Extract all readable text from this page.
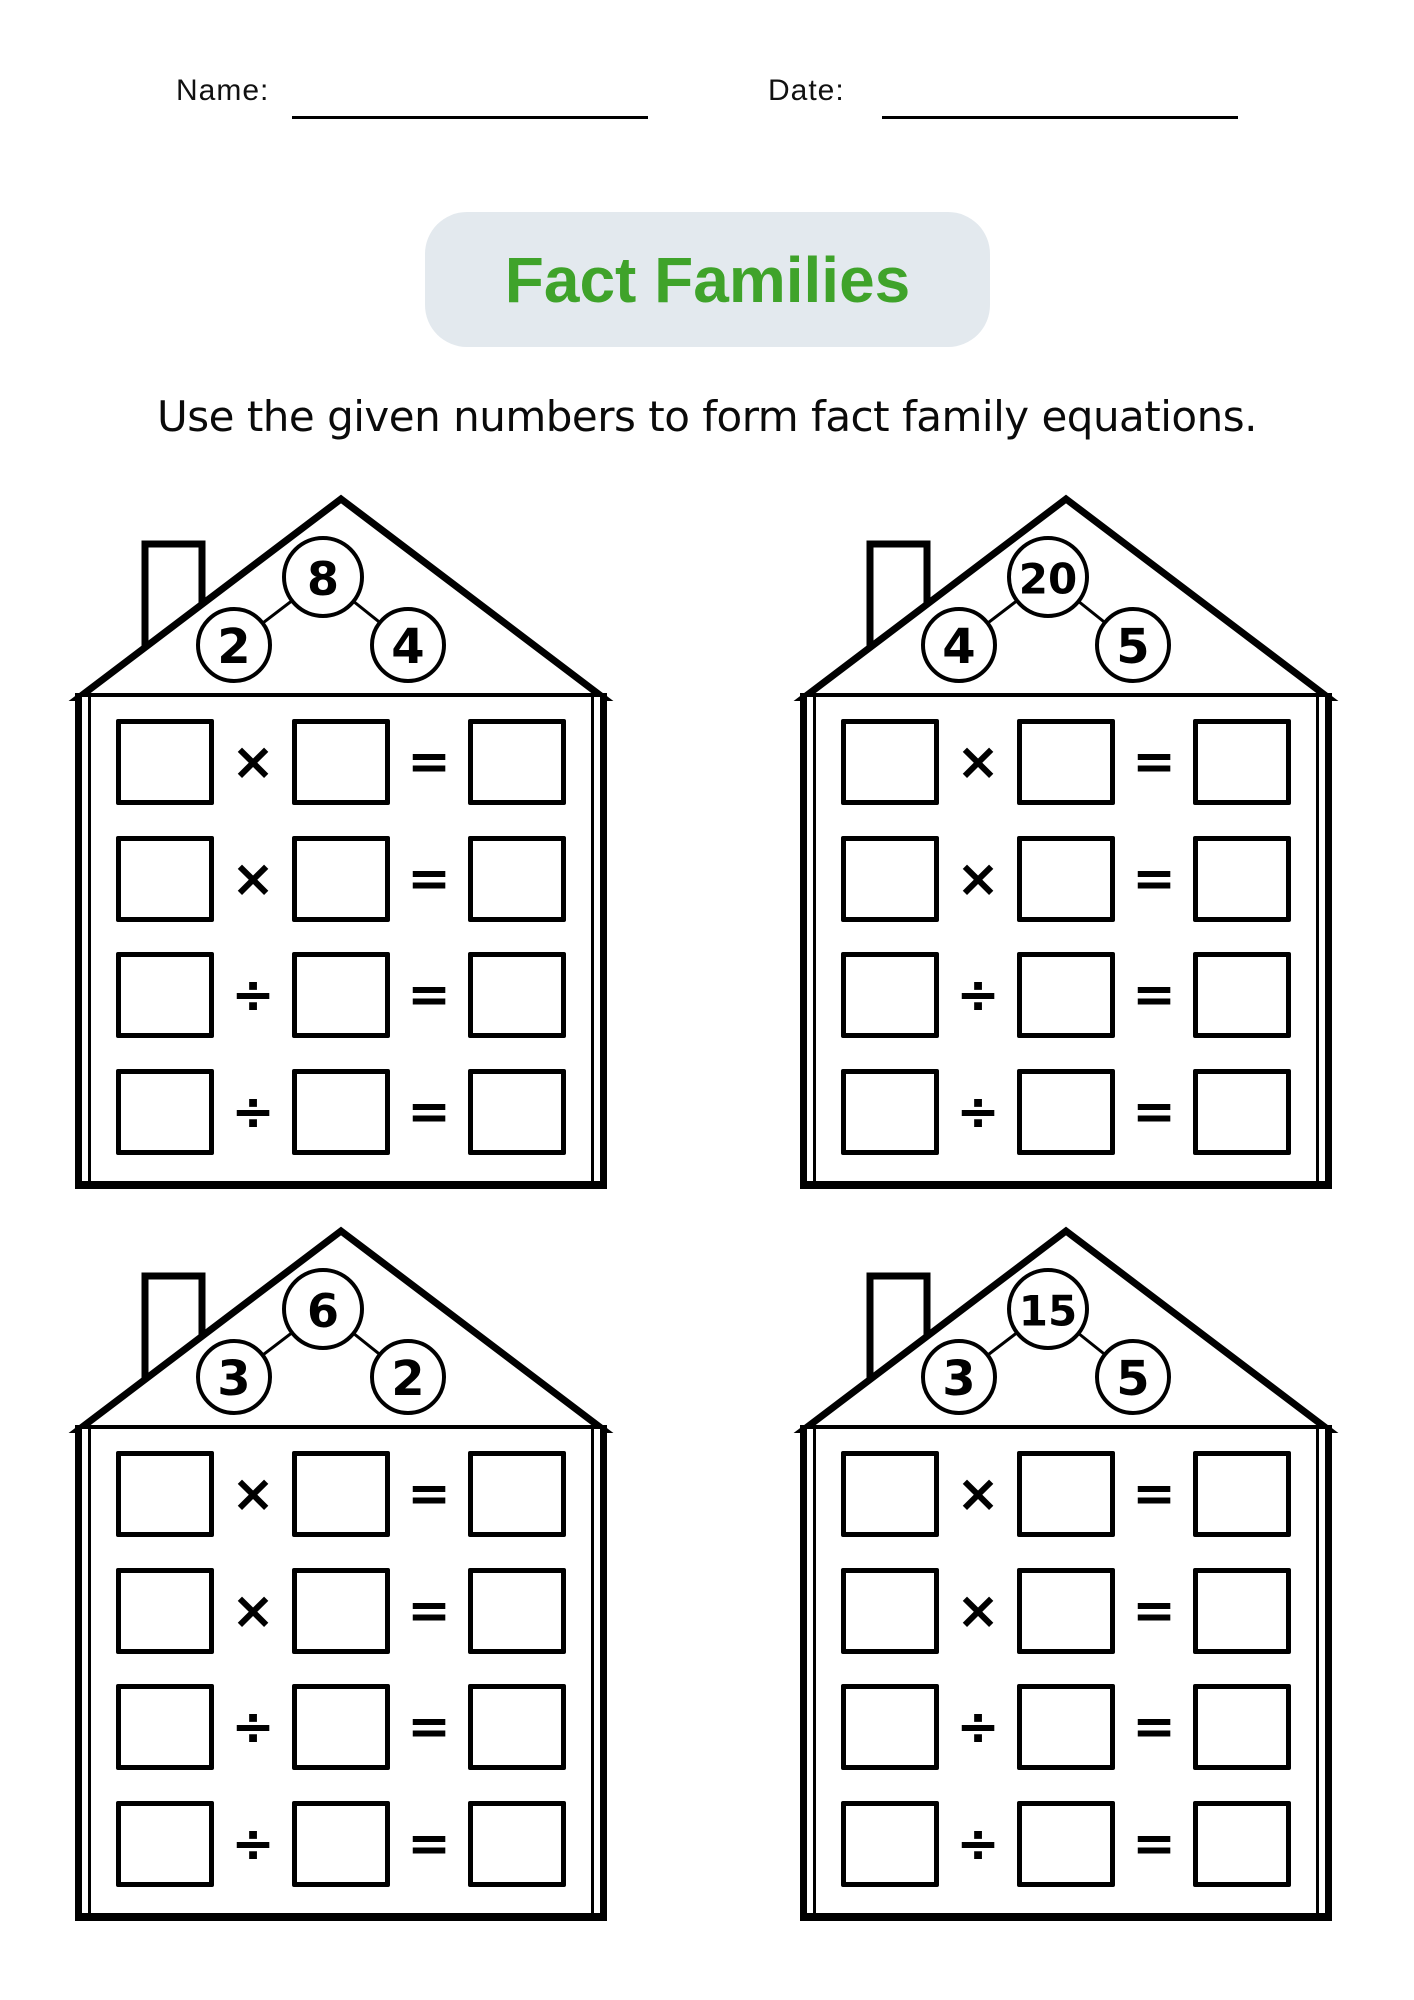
Name:	Date:
Fact Families
Use the given numbers to form fact family equations.
8
2	4
×	=
×	=
÷	=
÷	=
20
4	5
×	=
×	=
÷	=
÷	=
6
3	2
×	=
×	=
÷	=
÷	=
15
3	5
×	=
×	=
÷	=
÷	=
